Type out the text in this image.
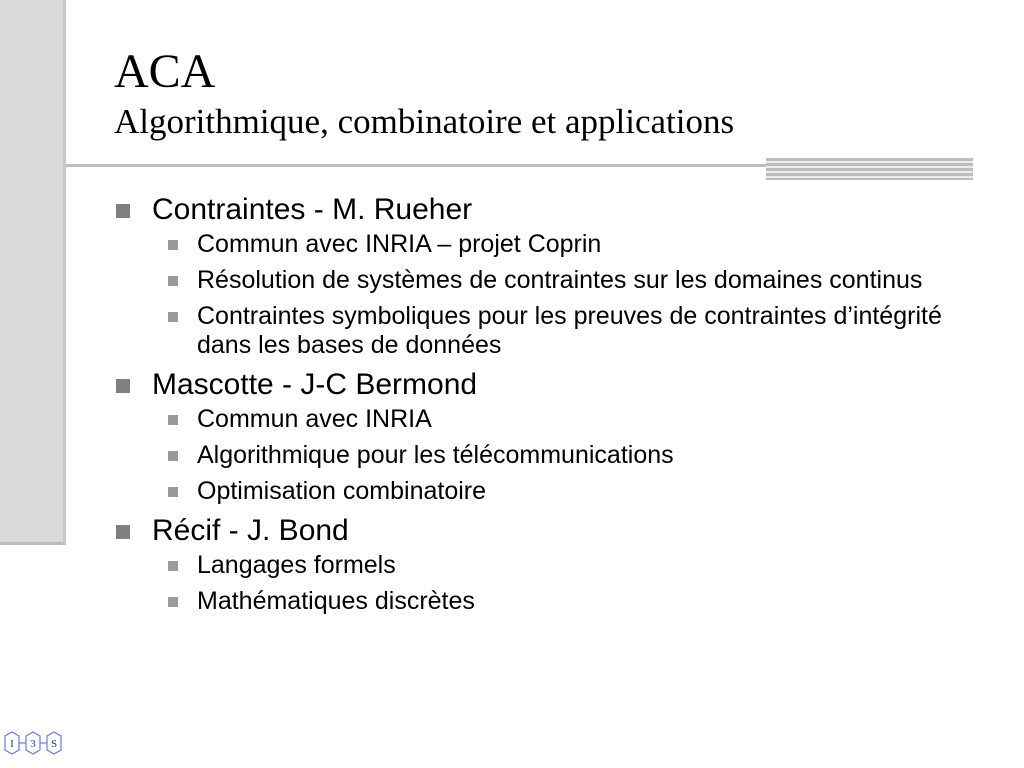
ACA
Algorithmique, combinatoire et applications
Contraintes - M. Rueher
Commun avec INRIA – projet Coprin
Résolution de systèmes de contraintes sur les domaines continus
Contraintes symboliques pour les preuves de contraintes d’intégrité dans les bases de données
Mascotte - J-C Bermond
Commun avec INRIA
Algorithmique pour les télécommunications
Optimisation combinatoire
Récif - J. Bond
Langages formels
Mathématiques discrètes
I 3 S
